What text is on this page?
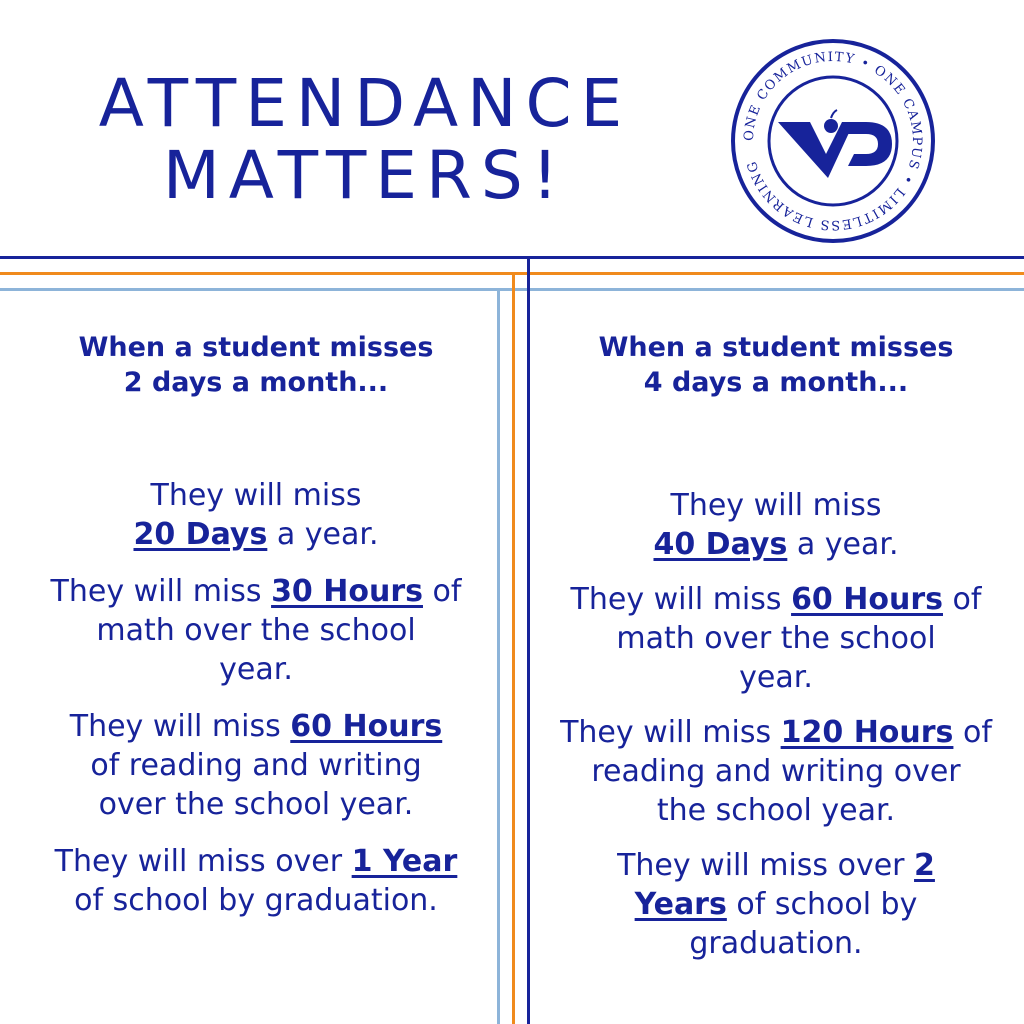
ATTENDANCE
MATTERS!
ONE COMMUNITY • ONE CAMPUS • LIMITLESS LEARNING
When a student misses
2 days a month...

They will miss
20 Days a year.

They will miss 30 Hours of
math over the school
year.

They will miss 60 Hours
of reading and writing
over the school year.

They will miss over 1 Year
of school by graduation.

When a student misses
4 days a month...

They will miss
40 Days a year.

They will miss 60 Hours of
math over the school
year.

They will miss 120 Hours of
reading and writing over
the school year.

They will miss over 2
Years of school by
graduation.
